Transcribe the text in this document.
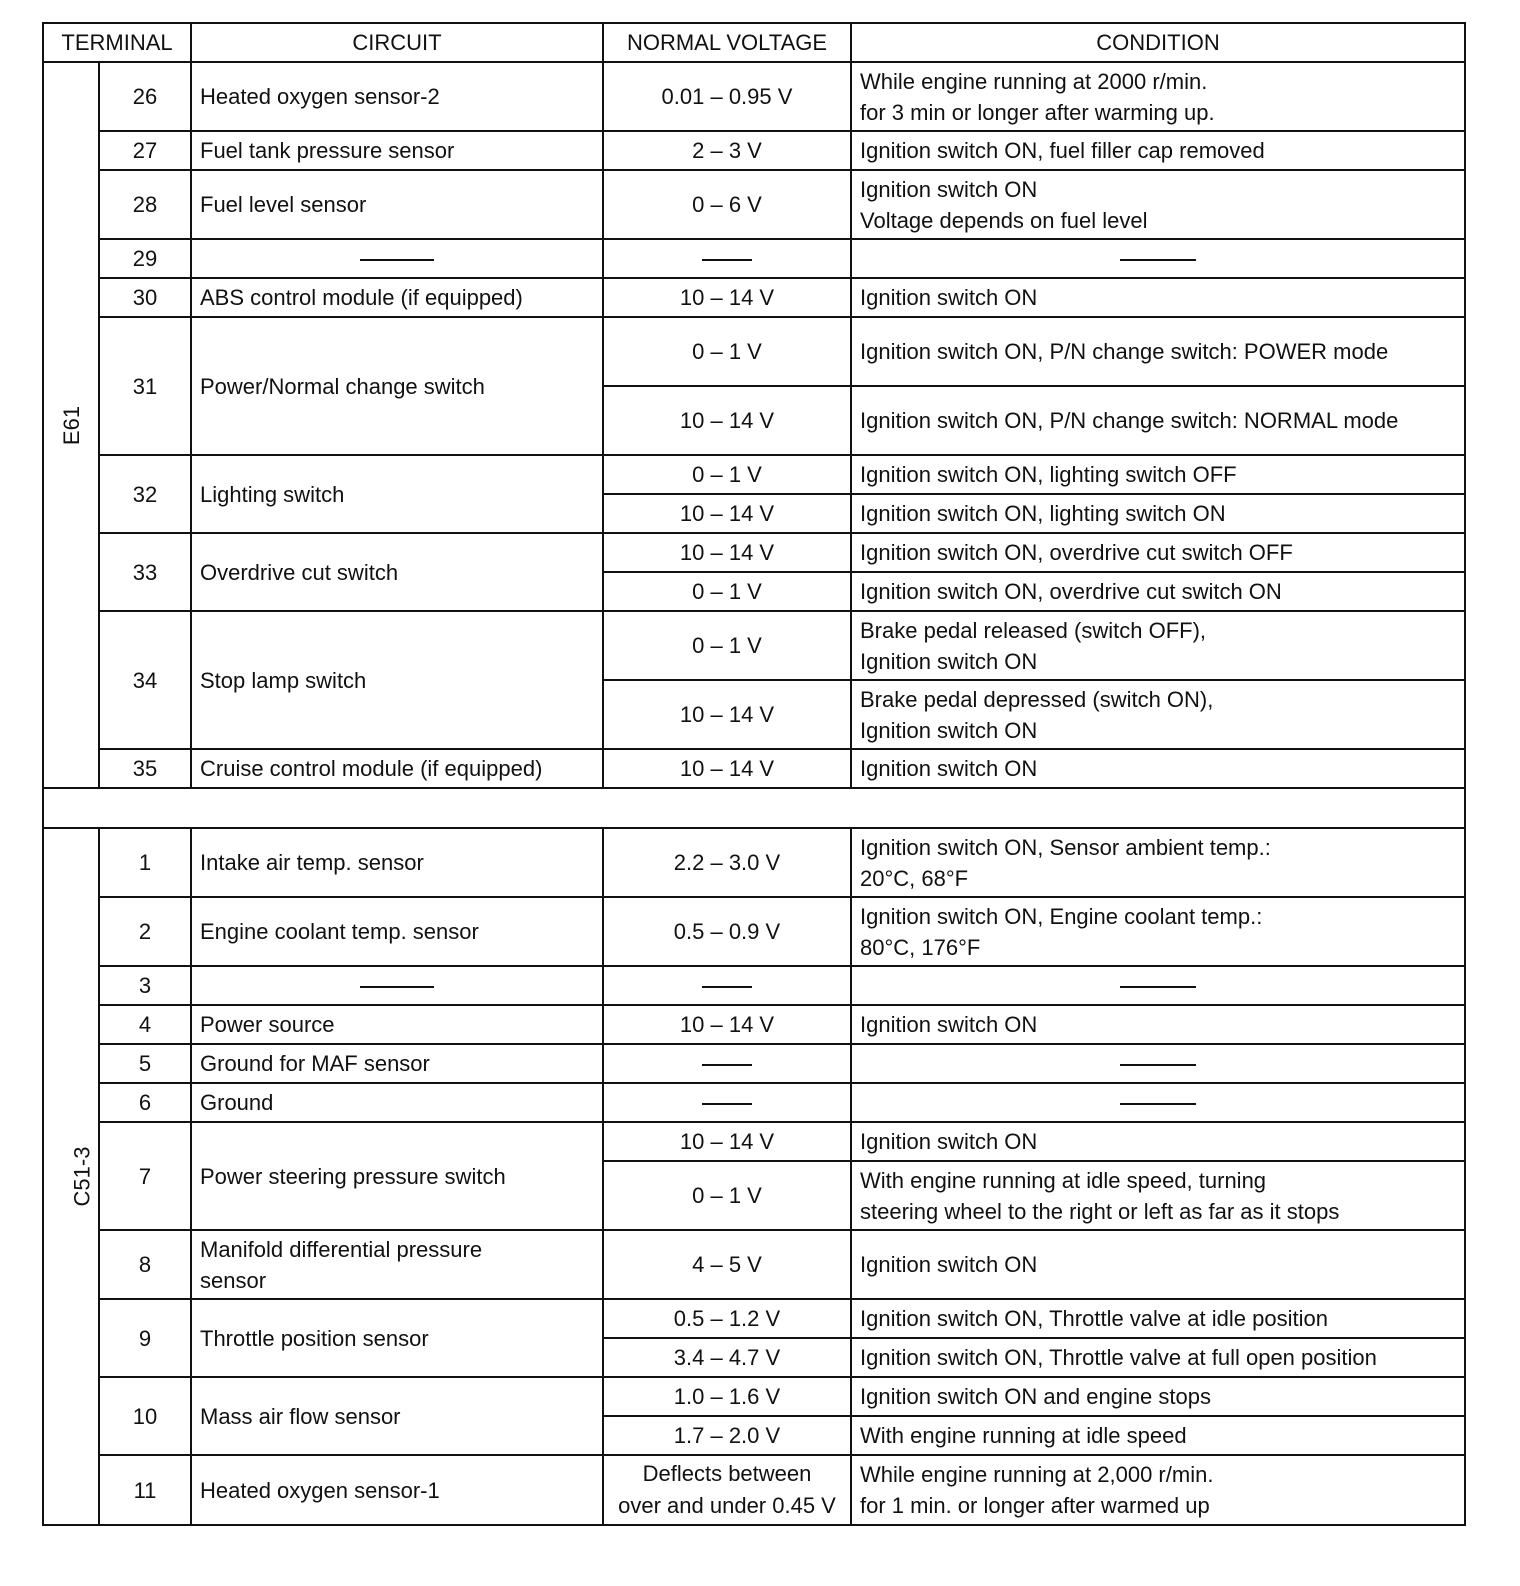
TERMINAL		CIRCUIT	NORMAL VOLTAGE	CONDITION
E61	26	Heated oxygen sensor-2	0.01 – 0.95 V	While engine running at 2000 r/min.
for 3 min or longer after warming up.
	27	Fuel tank pressure sensor	2 – 3 V	Ignition switch ON, fuel filler cap removed
	28	Fuel level sensor	0 – 6 V	Ignition switch ON
Voltage depends on fuel level
	29			
	30	ABS control module (if equipped)	10 – 14 V	Ignition switch ON
	31	Power/Normal change switch	0 – 1 V	Ignition switch ON, P/N change switch: POWER mode
			10 – 14 V	Ignition switch ON, P/N change switch: NORMAL mode
	32	Lighting switch	0 – 1 V	Ignition switch ON, lighting switch OFF
			10 – 14 V	Ignition switch ON, lighting switch ON
	33	Overdrive cut switch	10 – 14 V	Ignition switch ON, overdrive cut switch OFF
			0 – 1 V	Ignition switch ON, overdrive cut switch ON
	34	Stop lamp switch	0 – 1 V	Brake pedal released (switch OFF),
Ignition switch ON
			10 – 14 V	Brake pedal depressed (switch ON),
Ignition switch ON
	35	Cruise control module (if equipped)	10 – 14 V	Ignition switch ON

C51-3	1	Intake air temp. sensor	2.2 – 3.0 V	Ignition switch ON, Sensor ambient temp.:
20°C, 68°F
	2	Engine coolant temp. sensor	0.5 – 0.9 V	Ignition switch ON, Engine coolant temp.:
80°C, 176°F
	3			
	4	Power source	10 – 14 V	Ignition switch ON
	5	Ground for MAF sensor		
	6	Ground		
	7	Power steering pressure switch	10 – 14 V	Ignition switch ON
			0 – 1 V	With engine running at idle speed, turning
steering wheel to the right or left as far as it stops
	8	Manifold differential pressure
sensor	4 – 5 V	Ignition switch ON
	9	Throttle position sensor	0.5 – 1.2 V	Ignition switch ON, Throttle valve at idle position
			3.4 – 4.7 V	Ignition switch ON, Throttle valve at full open position
	10	Mass air flow sensor	1.0 – 1.6 V	Ignition switch ON and engine stops
			1.7 – 2.0 V	With engine running at idle speed
	11	Heated oxygen sensor-1	Deflects between
over and under 0.45 V	While engine running at 2,000 r/min.
for 1 min. or longer after warmed up
